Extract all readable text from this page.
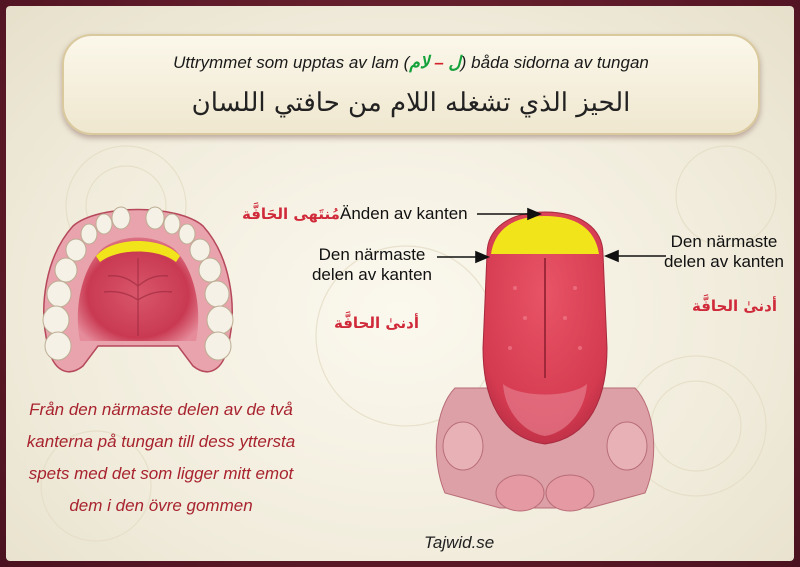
Uttrymmet som upptas av lam ( ل – لام ) båda sidorna av tungan
الحيز الذي تشغله اللام من حافتي اللسان
Från den närmaste delen av de två
kanterna på tungan till dess yttersta
spets med det som ligger mitt emot
dem i den övre gommen
مُنتَهى الحَافَّة Änden av kanten
Den närmaste
delen av kanten
أدنىٰ الحافَّة
Den närmaste
delen av kanten
أدنىٰ الحافَّة
Tajwid.se
